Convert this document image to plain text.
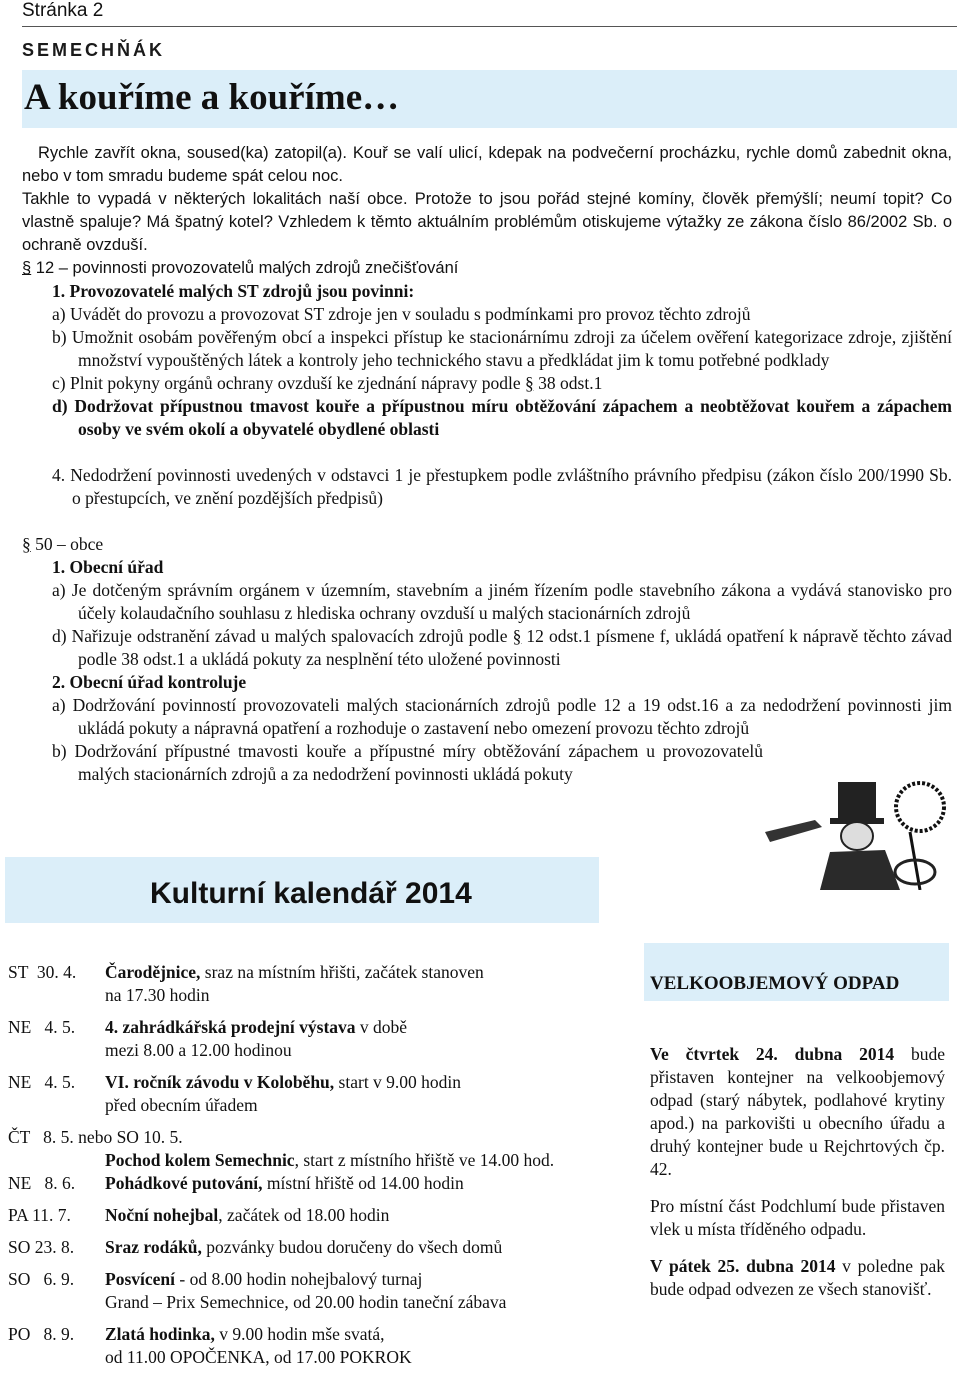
Stránka 2
SEMECHŇÁK
A kouříme a kouříme…
Rychle zavřít okna, soused(ka) zatopil(a). Kouř se valí ulicí, kdepak na podvečerní procházku, rychle domů zabednit okna, nebo v tom smradu budeme spát celou noc.
Takhle to vypadá v některých lokalitách naší obce. Protože to jsou pořád stejné komíny, člověk přemýšlí; neumí topit? Co vlastně spaluje? Má špatný kotel? Vzhledem k těmto aktuálním problémům otiskujeme výtažky ze zákona číslo 86/2002 Sb. o ochraně ovzduší.
§ 12 – povinnosti provozovatelů malých zdrojů znečišťování
1. Provozovatelé malých ST zdrojů jsou povinni:
a) Uvádět do provozu a provozovat ST zdroje jen v souladu s podmínkami pro provoz těchto zdrojů
b) Umožnit osobám pověřeným obcí a inspekci přístup ke stacionárnímu zdroji za účelem ověření kategorizace zdroje, zjištění množství vypouštěných látek a kontroly jeho technického stavu a předkládat jim k tomu potřebné podklady
c) Plnit pokyny orgánů ochrany ovzduší ke zjednání nápravy podle § 38 odst.1
d) Dodržovat přípustnou tmavost kouře a přípustnou míru obtěžování zápachem a neobtěžovat kouřem a zápachem osoby ve svém okolí a obyvatelé obydlené oblasti
4. Nedodržení povinnosti uvedených v odstavci 1 je přestupkem podle zvláštního právního předpisu (zákon číslo 200/1990 Sb. o přestupcích, ve znění pozdějších předpisů)
§ 50 – obce
1. Obecní úřad
a) Je dotčeným správním orgánem v územním, stavebním a jiném řízením podle stavebního zákona a vydává stanovisko pro účely kolaudačního souhlasu z hlediska ochrany ovzduší u malých stacionárních zdrojů
d) Nařizuje odstranění závad u malých spalovacích zdrojů podle § 12 odst.1 písmene f, ukládá opatření k nápravě těchto závad podle 38 odst.1 a ukládá pokuty za nesplnění této uložené povinnosti
2. Obecní úřad kontroluje
a) Dodržování povinností provozovateli malých stacionárních zdrojů podle 12 a 19 odst.16 a za nedodržení povinnosti jim ukládá pokuty a nápravná opatření a rozhoduje o zastavení nebo omezení provozu těchto zdrojů
b) Dodržování přípustné tmavosti kouře a přípustné míry obtěžování zápachem u provozovatelů malých stacionárních zdrojů a za nedodržení povinnosti ukládá pokuty
Kulturní kalendář 2014
ST  30. 4.	Čarodějnice, sraz na místním hřišti, začátek stanoven
na 17.30 hodin
NE   4. 5.	4. zahrádkářská prodejní výstava v době
mezi 8.00 a 12.00 hodinou
NE   4. 5.	VI. ročník závodu v Koloběhu, start v 9.00 hodin
před obecním úřadem
ČT   8. 5. nebo SO 10. 5.
Pochod kolem Semechnic, start z místního hřiště ve 14.00 hod.
NE   8. 6.	Pohádkové putování, místní hřiště od 14.00 hodin
PA 11. 7.	Noční nohejbal, začátek od 18.00 hodin
SO 23. 8.	Sraz rodáků, pozvánky budou doručeny do všech domů
SO   6. 9.	Posvícení - od 8.00 hodin nohejbalový turnaj
Grand – Prix Semechnice, od 20.00 hodin taneční zábava
PO   8. 9.	Zlatá hodinka, v 9.00 hodin mše svatá,
od 11.00 OPOČENKA, od 17.00 POKROK
VELKOOBJEMOVÝ ODPAD
Ve čtvrtek 24. dubna 2014 bude přistaven kontejner na velkoobjemový odpad (starý nábytek, podlahové krytiny apod.) na parkovišti u obecního úřadu a druhý kontejner bude u Rejchrtových čp. 42.
Pro místní část Podchlumí bude přistaven vlek u místa tříděného odpadu.
V pátek 25. dubna 2014 v poledne pak bude odpad odvezen ze všech stanovišť.
